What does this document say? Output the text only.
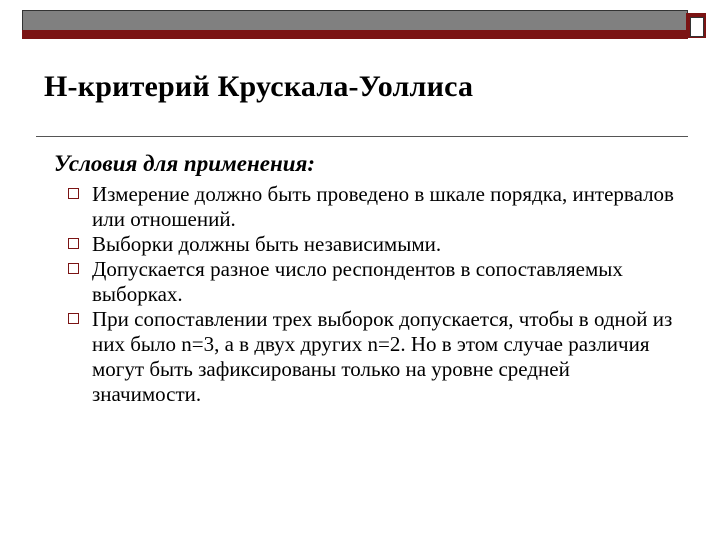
Н-критерий Крускала-Уоллиса

Условия для применения:

Измерение должно быть проведено в шкале порядка, интервалов или отношений.
Выборки должны быть независимыми.
Допускается разное число респондентов в сопоставляемых выборках.
При сопоставлении трех выборок допускается, чтобы в одной из них было n=3, а в двух других n=2. Но в этом случае различия могут быть зафиксированы только на уровне средней значимости.
